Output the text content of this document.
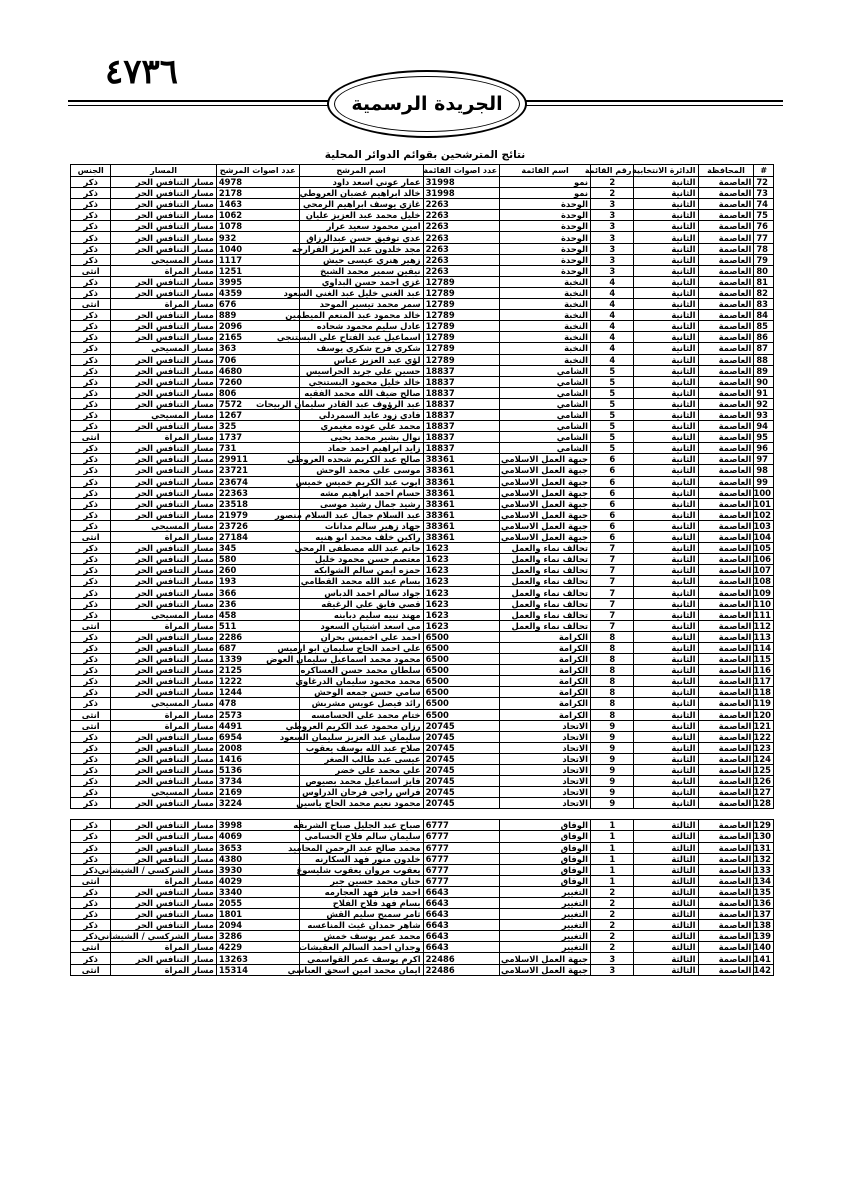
٤٧٣٦
الجريدة الرسمية
نتائج المترشحين بقوائم الدوائر المحلية
#	المحافظة	الدائرة الانتخابية	رقم القائمة	اسم القائمة	عدد اصوات القائمة	اسم المرشح	عدد اصوات المرشح	المسار	الجنس
72	العاصمة	الثانية	2	نمو	31998	عمار عوني اسعد داود	4978	مسار التنافس الحر	ذكر
73	العاصمة	الثانية	2	نمو	31998	خالد ابراهيم غضبان العروطي	2178	مسار التنافس الحر	ذكر
74	العاصمة	الثانية	3	الوحدة	2263	غازي يوسف ابراهيم الرمحي	1463	مسار التنافس الحر	ذكر
75	العاصمة	الثانية	3	الوحدة	2263	خليل محمد عبد العزيز عليان	1062	مسار التنافس الحر	ذكر
76	العاصمة	الثانية	3	الوحدة	2263	امين محمود سعيد عرار	1078	مسار التنافس الحر	ذكر
77	العاصمة	الثانية	3	الوحدة	2263	عدي توفيق حسن عبدالرزاق	932	مسار التنافس الحر	ذكر
78	العاصمة	الثانية	3	الوحدة	2263	مجد خلدون عبد العزيز الفرارجه	1040	مسار التنافس الحر	ذكر
79	العاصمة	الثانية	3	الوحدة	2263	زهير هنري عيسى حيش	1117	مسار المسيحي	ذكر
80	العاصمة	الثانية	3	الوحدة	2263	نيفين سمير محمد الشيخ	1251	مسار المراة	انثى
81	العاصمة	الثانية	4	النخبة	12789	غزي احمد حسن البداوي	3995	مسار التنافس الحر	ذكر
82	العاصمة	الثانية	4	النخبة	12789	عبد الغني خليل عبد الغني السعود	4359	مسار التنافس الحر	ذكر
83	العاصمة	الثانية	4	النخبة	12789	سمر محمد تيسير الموحد	676	مسار المراة	انثى
84	العاصمة	الثانية	4	النخبة	12789	خالد محمود عبد المنعم الميطمين	889	مسار التنافس الحر	ذكر
85	العاصمة	الثانية	4	النخبة	12789	عادل سليم محمود شحاده	2096	مسار التنافس الحر	ذكر
86	العاصمة	الثانية	4	النخبة	12789	اسماعيل عبد الفتاح علي البستنجي	2165	مسار التنافس الحر	ذكر
87	العاصمة	الثانية	4	النخبة	12789	شكري فرح شكري يوسف	363	مسار المسيحي	ذكر
88	العاصمة	الثانية	4	النخبة	12789	لؤي عبد العزيز عباس	706	مسار التنافس الحر	ذكر
89	العاصمة	الثانية	5	الشامي	18837	حسين علي جريد الحراسيس	4680	مسار التنافس الحر	ذكر
90	العاصمة	الثانية	5	الشامي	18837	خالد خليل محمود البستنجي	7260	مسار التنافس الحر	ذكر
91	العاصمة	الثانية	5	الشامي	18837	صالح ضيف الله محمد الفقيه	806	مسار التنافس الحر	ذكر
92	العاصمة	الثانية	5	الشامي	18837	عبد الرؤوف عبد القادر سليمان الربيحات	7572	مسار التنافس الحر	ذكر
93	العاصمة	الثانية	5	الشامي	18837	فادي زود عايد السمردلي	1267	مسار المسيحي	ذكر
94	العاصمة	الثانية	5	الشامي	18837	محمد علي عوده مغيمري	325	مسار التنافس الحر	ذكر
95	العاصمة	الثانية	5	الشامي	18837	نوال بشير محمد يحيى	1737	مسار المراة	انثى
96	العاصمة	الثانية	5	الشامي	18837	زايد ابراهيم احمد حماد	731	مسار التنافس الحر	ذكر
97	العاصمة	الثانية	6	جبهة العمل الاسلامي	38361	صالح عبد الكريم شحده العروطي	29911	مسار التنافس الحر	ذكر
98	العاصمة	الثانية	6	جبهة العمل الاسلامي	38361	موسى علي محمد الوحش	23721	مسار التنافس الحر	ذكر
99	العاصمة	الثانية	6	جبهة العمل الاسلامي	38361	ايوب عبد الكريم خميس خميس	23674	مسار التنافس الحر	ذكر
100	العاصمة	الثانية	6	جبهة العمل الاسلامي	38361	حسام احمد ابراهيم مشه	22363	مسار التنافس الحر	ذكر
101	العاصمة	الثانية	6	جبهة العمل الاسلامي	38361	رشيد جمال رشيد موسى	23518	مسار التنافس الحر	ذكر
102	العاصمة	الثانية	6	جبهة العمل الاسلامي	38361	عبد السلام جمال عبد السلام منصور	21979	مسار التنافس الحر	ذكر
103	العاصمة	الثانية	6	جبهة العمل الاسلامي	38361	جهاد زهير سالم مدانات	23726	مسار المسيحي	ذكر
104	العاصمة	الثانية	6	جبهة العمل الاسلامي	38361	راكين خلف محمد ابو هنيه	27184	مسار المراة	انثى
105	العاصمة	الثانية	7	تحالف نماء والعمل	1623	حاتم عبد الله مصطفى الرمحي	345	مسار التنافس الحر	ذكر
106	العاصمة	الثانية	7	تحالف نماء والعمل	1623	معتصم حسن محمود خليل	580	مسار التنافس الحر	ذكر
107	العاصمة	الثانية	7	تحالف نماء والعمل	1623	حمزه ايمن سالم الشوابكه	260	مسار التنافس الحر	ذكر
108	العاصمة	الثانية	7	تحالف نماء والعمل	1623	بسام عبد الله محمد القطامي	193	مسار التنافس الحر	ذكر
109	العاصمة	الثانية	7	تحالف نماء والعمل	1623	جواد سالم احمد الدباس	366	مسار التنافس الحر	ذكر
110	العاصمة	الثانية	7	تحالف نماء والعمل	1623	قصي فايق علي الرغيقه	236	مسار التنافس الحر	ذكر
111	العاصمة	الثانية	7	تحالف نماء والعمل	1623	مهند نبيه سليم دبابنه	458	مسار المسيحي	ذكر
112	العاصمة	الثانية	7	تحالف نماء والعمل	1623	مي اسعد اشتيان السعود	511	مسار المراة	انثى
113	العاصمة	الثانية	8	الكرامة	6500	احمد علي اخميس بحران	2286	مسار التنافس الحر	ذكر
114	العاصمة	الثانية	8	الكرامة	6500	علي احمد الحاج سليمان ابو ارميس	687	مسار التنافس الحر	ذكر
115	العاصمة	الثانية	8	الكرامة	6500	محمود محمد اسماعيل سليمان العوض	1339	مسار التنافس الحر	ذكر
116	العاصمة	الثانية	8	الكرامة	6500	سلطان محمد حسن العساكره	2125	مسار التنافس الحر	ذكر
117	العاصمة	الثانية	8	الكرامة	6500	محمد محمود سليمان الدرغاوي	1222	مسار التنافس الحر	ذكر
118	العاصمة	الثانية	8	الكرامة	6500	سامي حسن جمعه الوحش	1244	مسار التنافس الحر	ذكر
119	العاصمة	الثانية	8	الكرامة	6500	رائد فيصل عويس مشربش	478	مسار المسيحي	ذكر
120	العاصمة	الثانية	8	الكرامة	6500	ختام محمد علي الحسامسه	2573	مسار المراة	انثى
121	العاصمة	الثانية	9	الاتحاد	20745	رزان محمود عبد الكريم العروطي	4491	مسار المراة	انثى
122	العاصمة	الثانية	9	الاتحاد	20745	سليمان عبد العزيز سليمان السعود	6954	مسار التنافس الحر	ذكر
123	العاصمة	الثانية	9	الاتحاد	20745	صلاح عبد الله يوسف يعقوب	2008	مسار التنافس الحر	ذكر
124	العاصمة	الثانية	9	الاتحاد	20745	عيسى عبد طالب الصغر	1416	مسار التنافس الحر	ذكر
125	العاصمة	الثانية	9	الاتحاد	20745	علي محمد علي خضر	5136	مسار التنافس الحر	ذكر
126	العاصمة	الثانية	9	الاتحاد	20745	فايز اسماعيل محمد بصيوص	3734	مسار التنافس الحر	ذكر
127	العاصمة	الثانية	9	الاتحاد	20745	فراس راجي فرحان الدراوس	2169	مسار المسيحي	ذكر
128	العاصمة	الثانية	9	الاتحاد	20745	محمود نعيم محمد الحاج ياسين	3224	مسار التنافس الحر	ذكر

129	العاصمة	الثالثة	1	الوفاق	6777	صباح عبد الجليل صباح الشريفه	3998	مسار التنافس الحر	ذكر
130	العاصمة	الثالثة	1	الوفاق	6777	سليمان سالم فلاح الحسامي	4069	مسار التنافس الحر	ذكر
131	العاصمة	الثالثة	1	الوفاق	6777	محمد صالح عبد الرحمن المحاميد	3653	مسار التنافس الحر	ذكر
132	العاصمة	الثالثة	1	الوفاق	6777	خلدون منور فهد السكارنه	4380	مسار التنافس الحر	ذكر
133	العاصمة	الثالثة	1	الوفاق	6777	يعقوب مروان يعقوب شليسوغ	3930	مسار الشركسي / الشيشاني	ذكر
134	العاصمة	الثالثة	1	الوفاق	6777	حنان محمد حسين جبر	4029	مسار المراة	انثى
135	العاصمة	الثالثة	2	التغيير	6643	احمد فايز فهد العجارمه	3340	مسار التنافس الحر	ذكر
136	العاصمة	الثالثة	2	التغيير	6643	بسام فهد فلاح الفلاح	2055	مسار التنافس الحر	ذكر
137	العاصمة	الثالثة	2	التغيير	6643	ثامر سميح سليم القش	1801	مسار التنافس الحر	ذكر
138	العاصمة	الثالثة	2	التغيير	6643	شاهر حمدان غيث المناعسه	2094	مسار التنافس الحر	ذكر
139	العاصمة	الثالثة	2	التغيير	6643	محمد عمر يوسف خمش	3286	مسار الشركسي / الشيشاني	ذكر
140	العاصمة	الثالثة	2	التغيير	6643	وجدان احمد السالم العقيشات	4229	مسار المراة	انثى
141	العاصمة	الثالثة	3	جبهة العمل الاسلامي	22486	اكرم يوسف عمر القواسمي	13263	مسار التنافس الحر	ذكر
142	العاصمة	الثالثة	3	جبهة العمل الاسلامي	22486	ايمان محمد امين اسحق العباسي	15314	مسار المراة	انثى
